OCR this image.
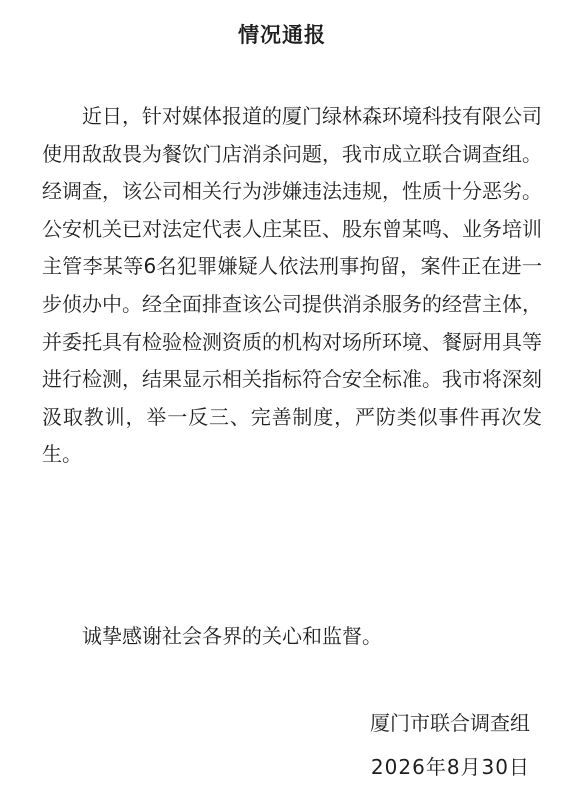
情况通报

近日，针对媒体报道的厦门绿林森环境科技有限公司使用敌敌畏为餐饮门店消杀问题，我市成立联合调查组。经调查，该公司相关行为涉嫌违法违规，性质十分恶劣。公安机关已对法定代表人庄某臣、股东曾某鸣、业务培训主管李某等6名犯罪嫌疑人依法刑事拘留，案件正在进一步侦办中。经全面排查该公司提供消杀服务的经营主体，并委托具有检验检测资质的机构对场所环境、餐厨用具等进行检测，结果显示相关指标符合安全标准。我市将深刻汲取教训，举一反三、完善制度，严防类似事件再次发生。

诚挚感谢社会各界的关心和监督。

厦门市联合调查组
2026年8月30日
